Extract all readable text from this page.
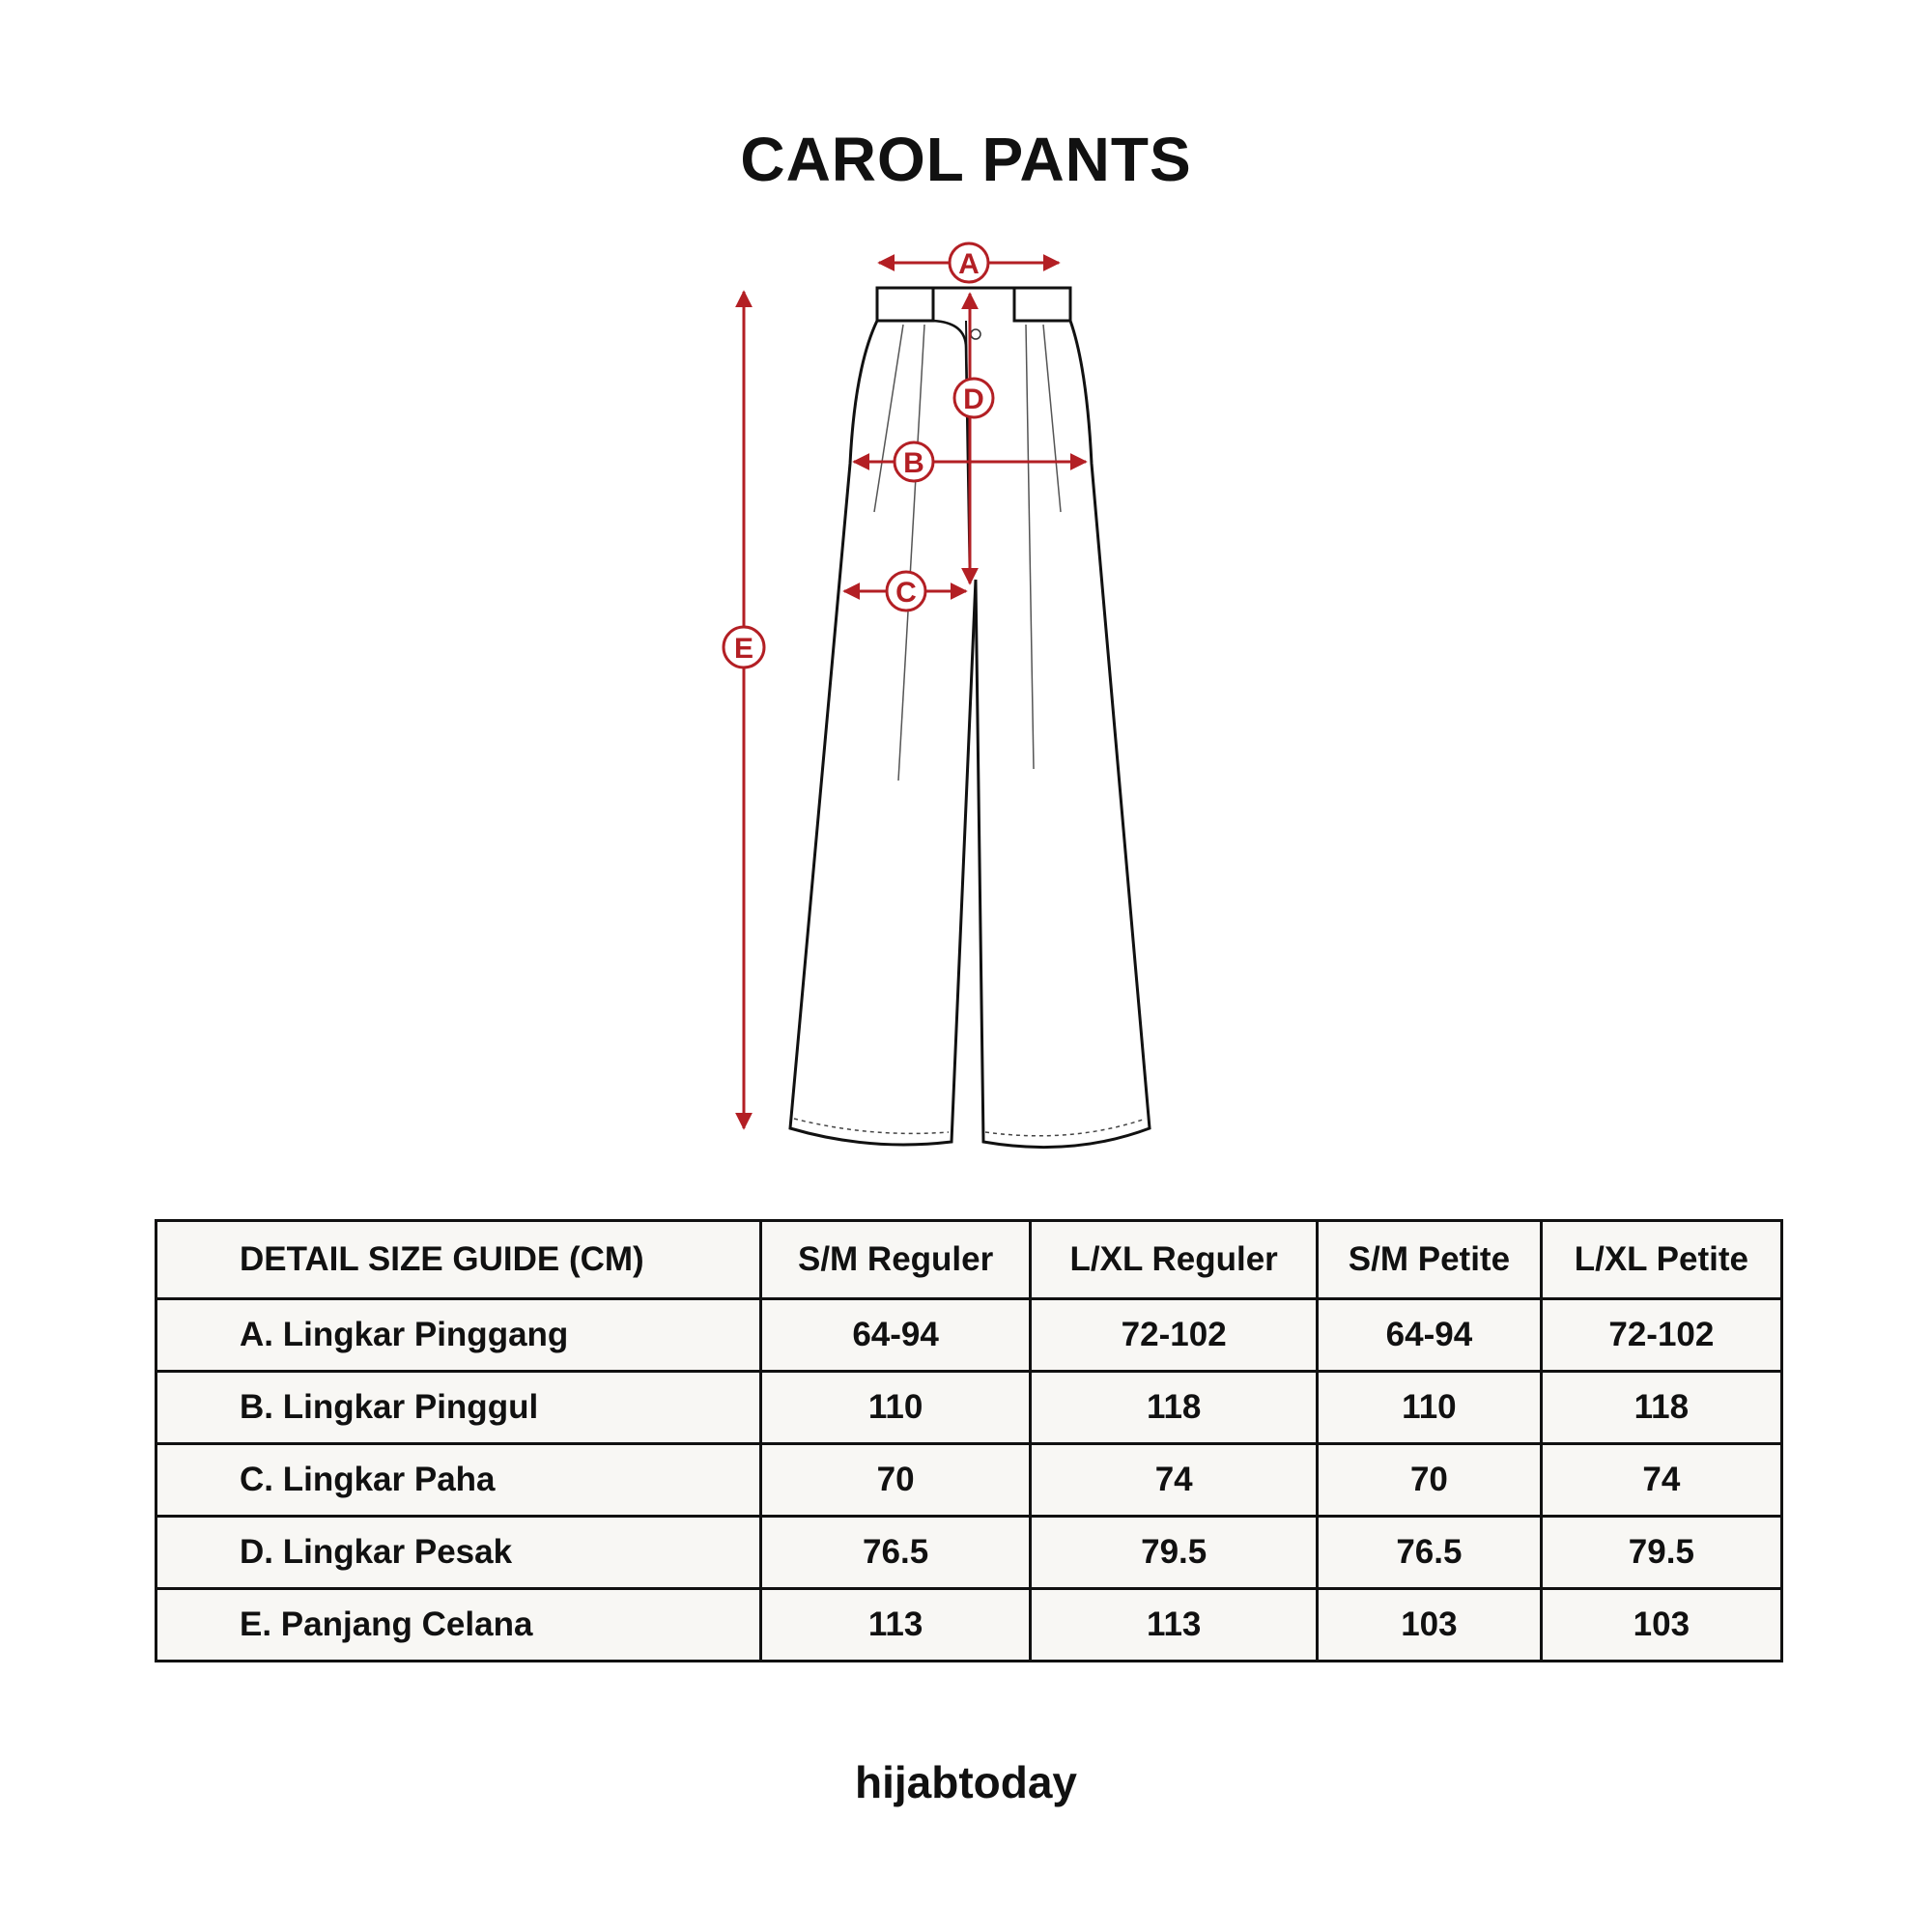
CAROL PANTS
A
D
B
C
E
DETAIL SIZE GUIDE (CM)	S/M Reguler	L/XL Reguler	S/M Petite	L/XL Petite
A. Lingkar Pinggang	64-94	72-102	64-94	72-102
B. Lingkar Pinggul	110	118	110	118
C. Lingkar Paha	70	74	70	74
D. Lingkar Pesak	76.5	79.5	76.5	79.5
E. Panjang Celana	113	113	103	103
hijabtoday
